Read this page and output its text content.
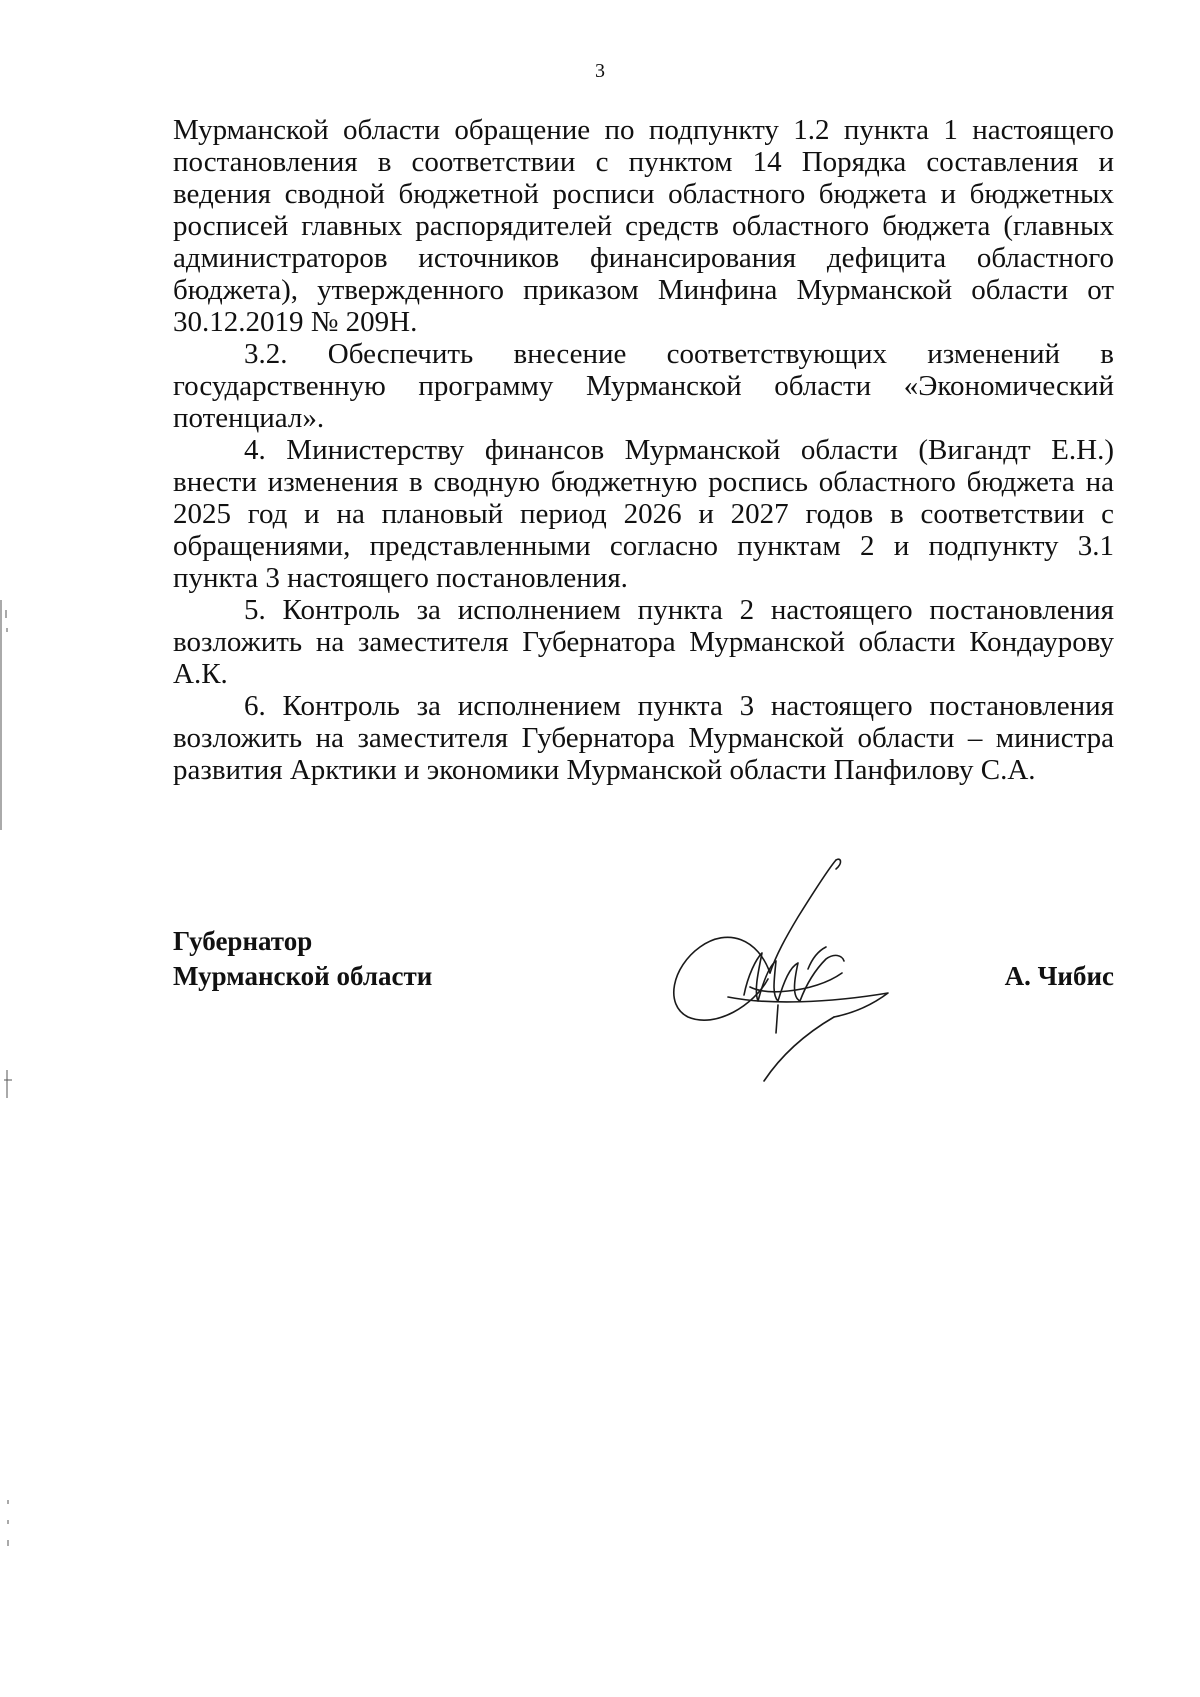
3

Мурманской области обращение по подпункту 1.2 пункта 1 настоящего постановления в соответствии с пунктом 14 Порядка составления и ведения сводной бюджетной росписи областного бюджета и бюджетных росписей главных распорядителей средств областного бюджета (главных администраторов источников финансирования дефицита областного бюджета), утвержденного приказом Минфина Мурманской области от 30.12.2019 № 209Н.

3.2. Обеспечить внесение соответствующих изменений в государственную программу Мурманской области «Экономический потенциал».

4. Министерству финансов Мурманской области (Вигандт Е.Н.) внести изменения в сводную бюджетную роспись областного бюджета на 2025 год и на плановый период 2026 и 2027 годов в соответствии с обращениями, представленными согласно пунктам 2 и подпункту 3.1 пункта 3 настоящего постановления.

5. Контроль за исполнением пункта 2 настоящего постановления возложить на заместителя Губернатора Мурманской области Кондаурову А.К.

6. Контроль за исполнением пункта 3 настоящего постановления возложить на заместителя Губернатора Мурманской области – министра развития Арктики и экономики Мурманской области Панфилову С.А.

Губернатор
Мурманской области	А. Чибис
